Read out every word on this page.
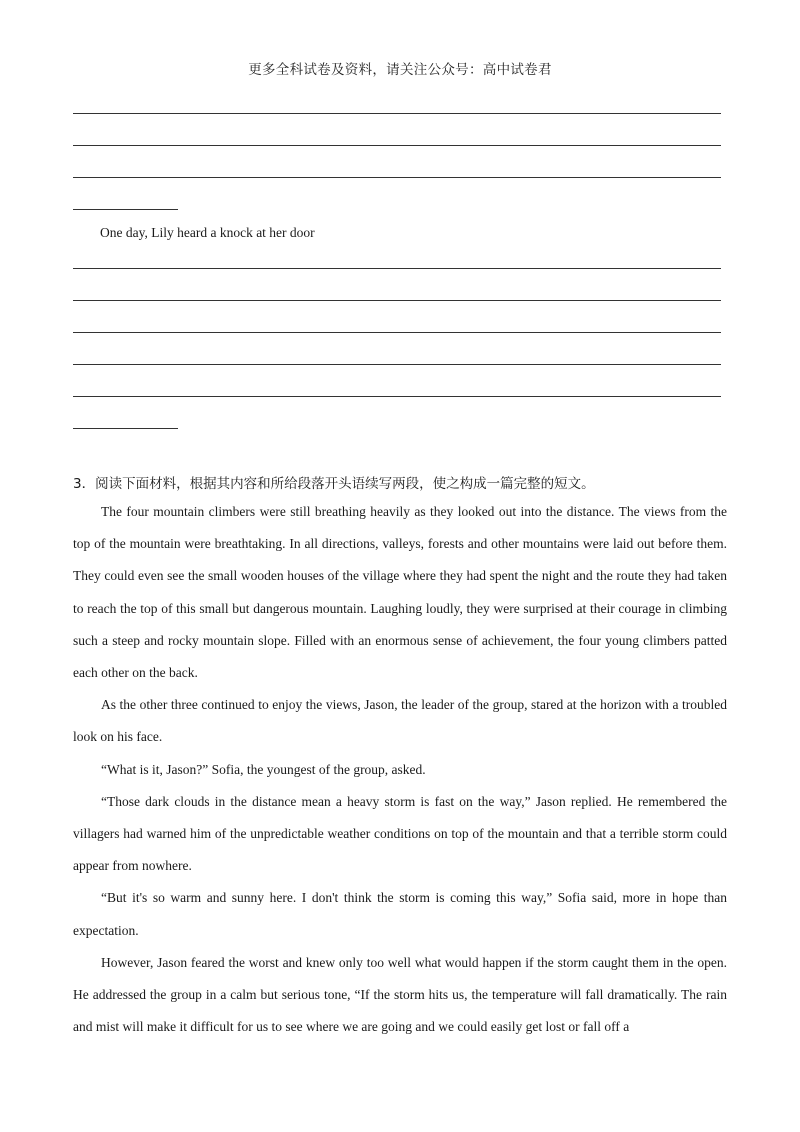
更多全科试卷及资料，请关注公众号：高中试卷君
One day, Lily heard a knock at her door
3．阅读下面材料，根据其内容和所给段落开头语续写两段，使之构成一篇完整的短文。

The four mountain climbers were still breathing heavily as they looked out into the distance. The views from the top of the mountain were breathtaking. In all directions, valleys, forests and other mountains were laid out before them. They could even see the small wooden houses of the village where they had spent the night and the route they had taken to reach the top of this small but dangerous mountain. Laughing loudly, they were surprised at their courage in climbing such a steep and rocky mountain slope. Filled with an enormous sense of achievement, the four young climbers patted each other on the back.

As the other three continued to enjoy the views, Jason, the leader of the group, stared at the horizon with a troubled look on his face.

“What is it, Jason?” Sofia, the youngest of the group, asked.

“Those dark clouds in the distance mean a heavy storm is fast on the way,” Jason replied. He remembered the villagers had warned him of the unpredictable weather conditions on top of the mountain and that a terrible storm could appear from nowhere.

“But it's so warm and sunny here. I don't think the storm is coming this way,” Sofia said, more in hope than expectation.

However, Jason feared the worst and knew only too well what would happen if the storm caught them in the open. He addressed the group in a calm but serious tone, “If the storm hits us, the temperature will fall dramatically. The rain and mist will make it difficult for us to see where we are going and we could easily get lost or fall off a
